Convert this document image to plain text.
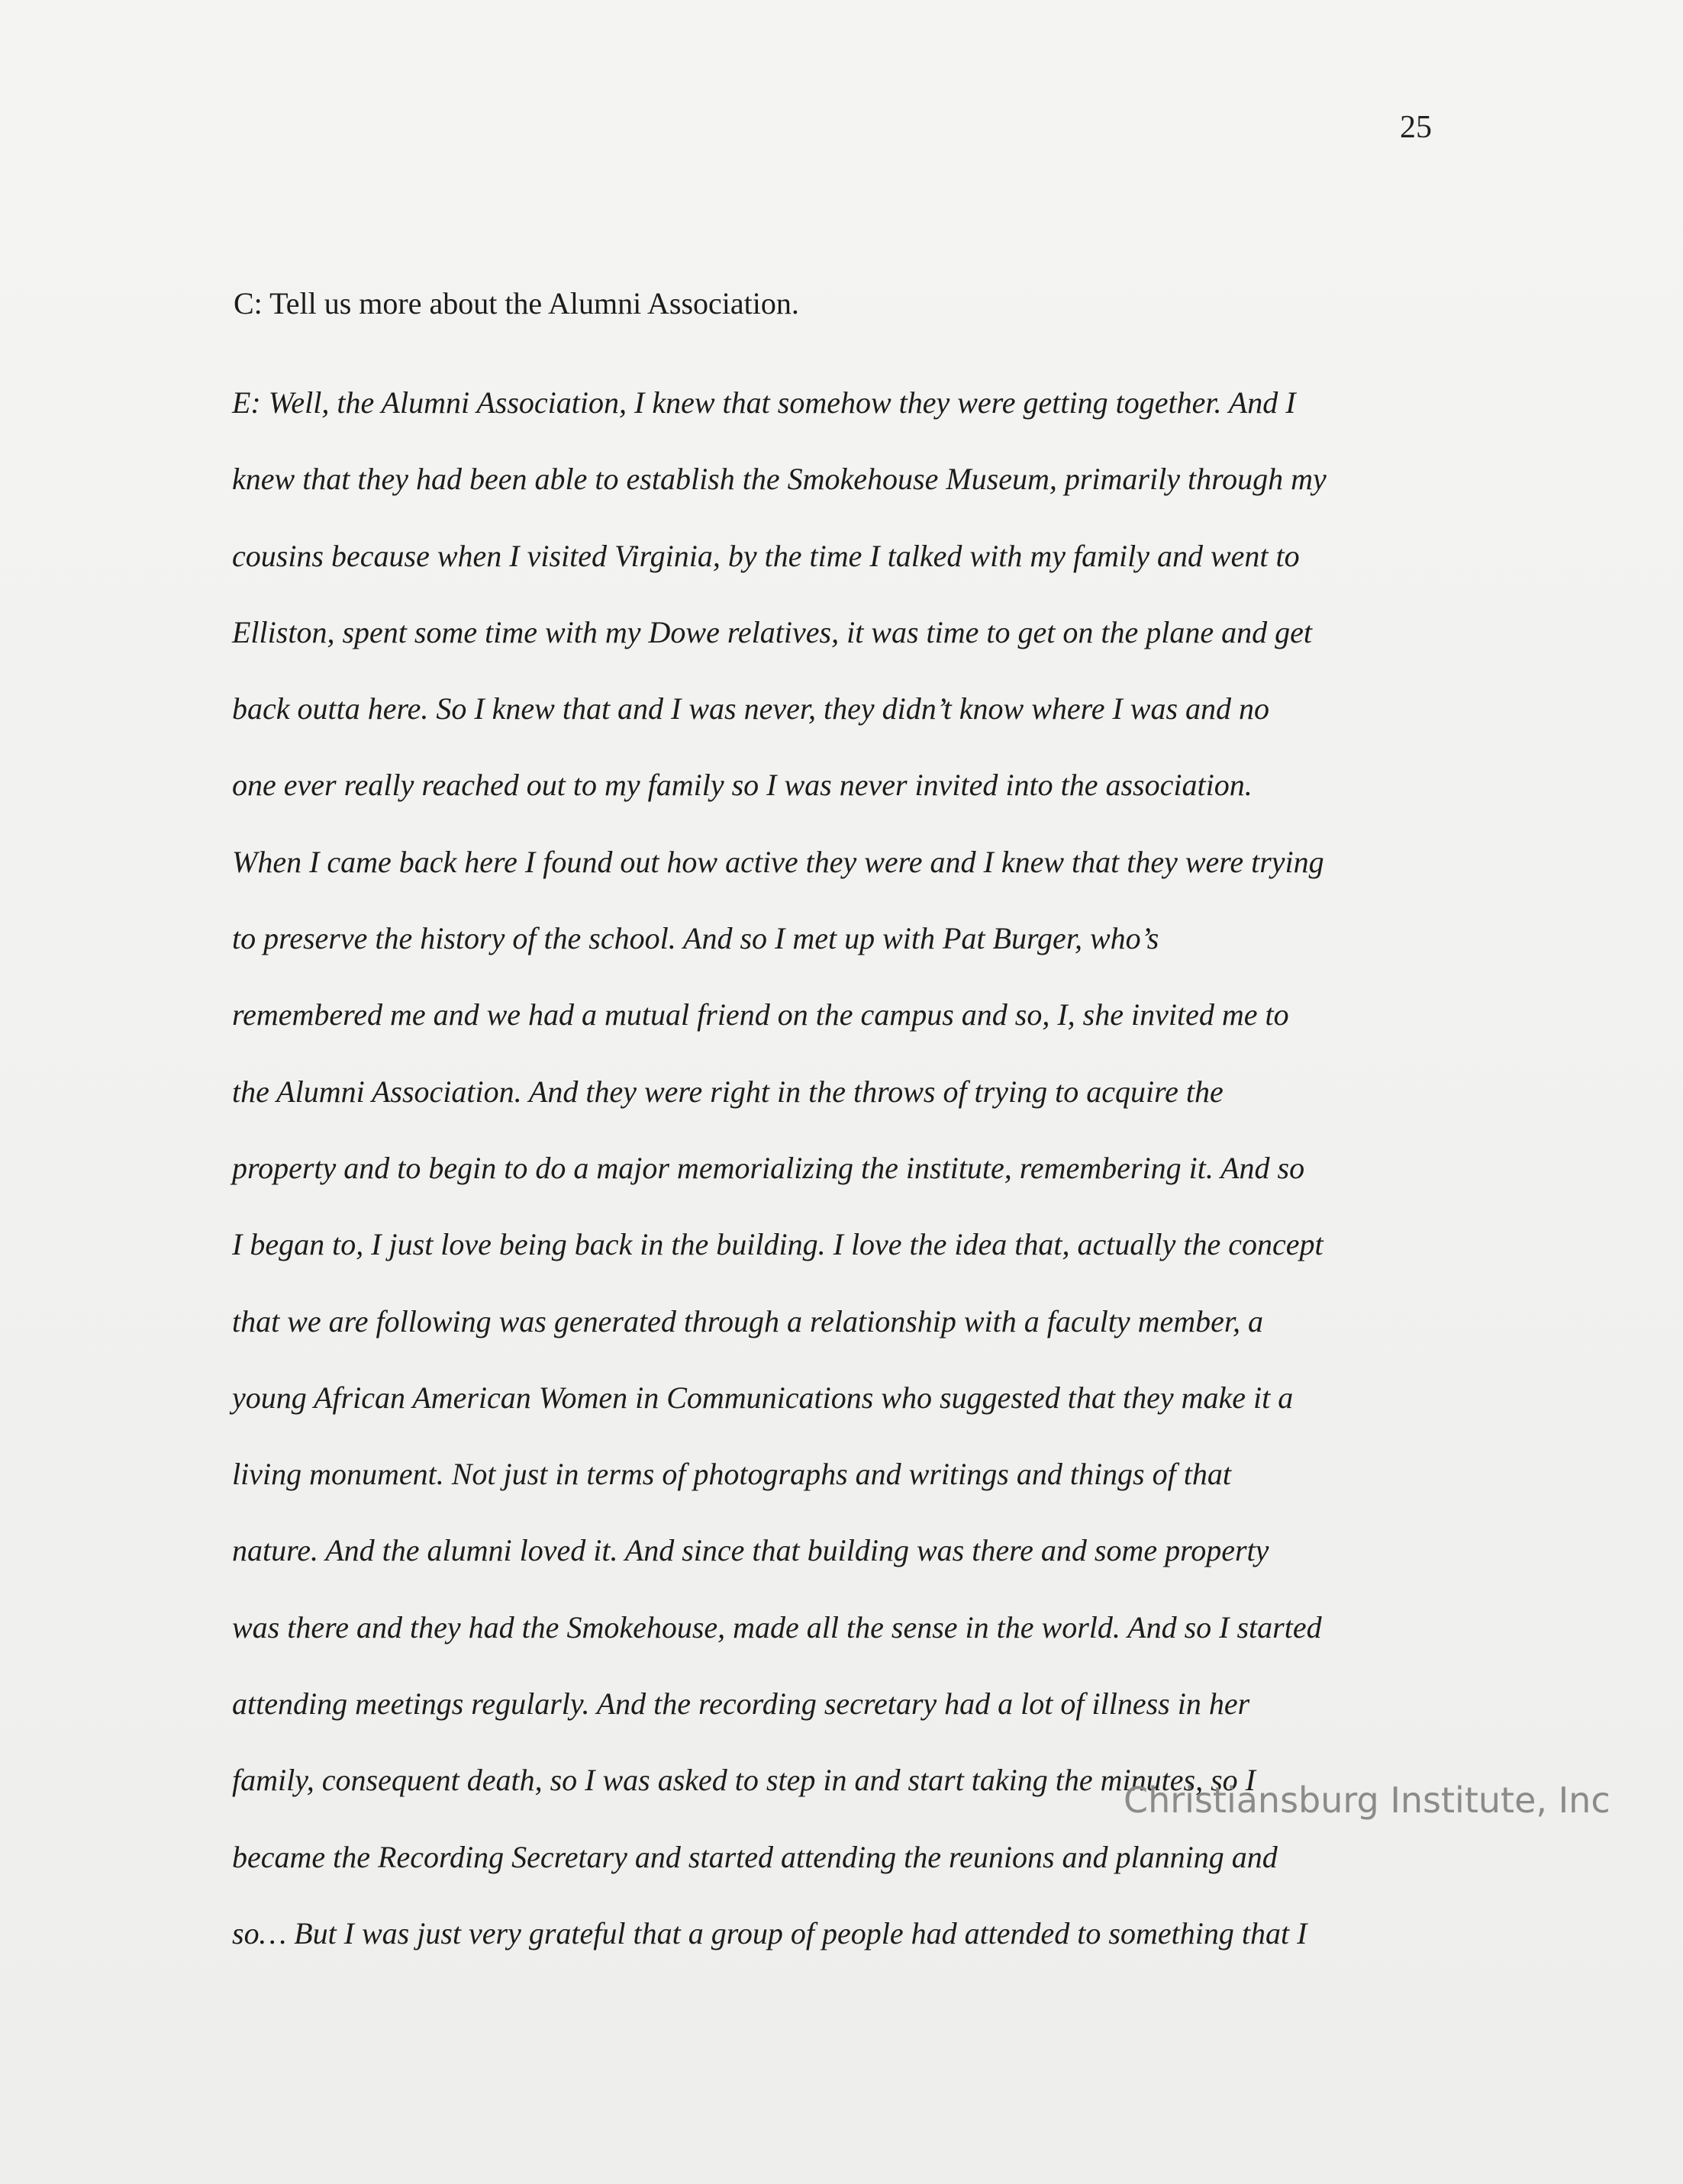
25
C: Tell us more about the Alumni Association.
E: Well, the Alumni Association, I knew that somehow they were getting together. And I
knew that they had been able to establish the Smokehouse Museum, primarily through my
cousins because when I visited Virginia, by the time I talked with my family and went to
Elliston, spent some time with my Dowe relatives, it was time to get on the plane and get
back outta here. So I knew that and I was never, they didn’t know where I was and no
one ever really reached out to my family so I was never invited into the association.
When I came back here I found out how active they were and I knew that they were trying
to preserve the history of the school. And so I met up with Pat Burger, who’s
remembered me and we had a mutual friend on the campus and so, I, she invited me to
the Alumni Association. And they were right in the throws of trying to acquire the
property and to begin to do a major memorializing the institute, remembering it. And so
I began to, I just love being back in the building. I love the idea that, actually the concept
that we are following was generated through a relationship with a faculty member, a
young African American Women in Communications who suggested that they make it a
living monument. Not just in terms of photographs and writings and things of that
nature. And the alumni loved it. And since that building was there and some property
was there and they had the Smokehouse, made all the sense in the world. And so I started
attending meetings regularly. And the recording secretary had a lot of illness in her
family, consequent death, so I was asked to step in and start taking the minutes, so I
became the Recording Secretary and started attending the reunions and planning and
so… But I was just very grateful that a group of people had attended to something that I
Christiansburg Institute, Inc
